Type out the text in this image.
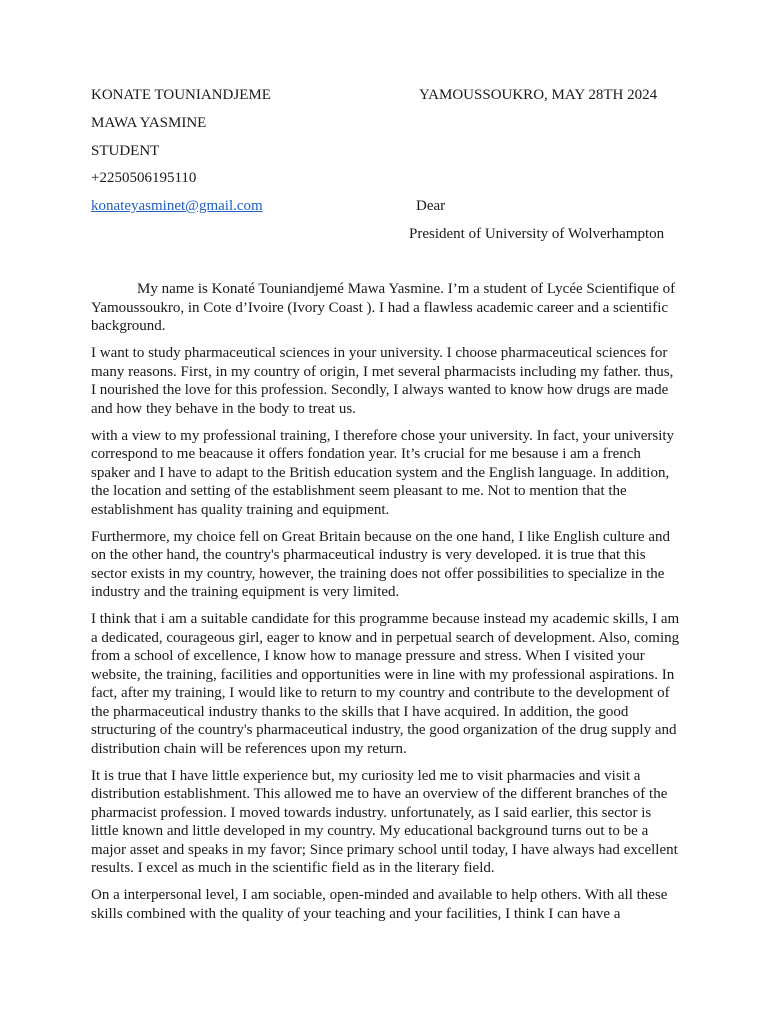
KONATE TOUNIANDJEME	YAMOUSSOUKRO, MAY 28TH 2024
MAWA YASMINE
STUDENT
+2250506195110
konateyasminet@gmail.com	Dear
President of University of Wolverhampton

My name is Konaté Touniandjemé Mawa Yasmine. I’m a student of Lycée Scientifique of Yamoussoukro, in Cote d’Ivoire (Ivory Coast ). I had a flawless academic career and a scientific background.

I want to study pharmaceutical sciences in your university. I choose pharmaceutical sciences for many reasons. First, in my country of origin, I met several pharmacists including my father. thus, I nourished the love for this profession. Secondly, I always wanted to know how drugs are made and how they behave in the body to treat us.

with a view to my professional training, I therefore chose your university. In fact, your university correspond to me beacause it offers fondation year. It’s crucial for me besause i am a french spaker and I have to adapt to the British education system and the English language. In addition, the location and setting of the establishment seem pleasant to me. Not to mention that the establishment has quality training and equipment.

Furthermore, my choice fell on Great Britain because on the one hand, I like English culture and on the other hand, the country's pharmaceutical industry is very developed. it is true that this sector exists in my country, however, the training does not offer possibilities to specialize in the industry and the training equipment is very limited.

I think that i am a suitable candidate for this programme because instead my academic skills, I am a dedicated, courageous girl, eager to know and in perpetual search of development. Also, coming from a school of excellence, I know how to manage pressure and stress. When I visited your website, the training, facilities and opportunities were in line with my professional aspirations. In fact, after my training, I would like to return to my country and contribute to the development of the pharmaceutical industry thanks to the skills that I have acquired. In addition, the good structuring of the country's pharmaceutical industry, the good organization of the drug supply and distribution chain will be references upon my return.

It is true that I have little experience but, my curiosity led me to visit pharmacies and visit a distribution establishment. This allowed me to have an overview of the different branches of the pharmacist profession. I moved towards industry. unfortunately, as I said earlier, this sector is little known and little developed in my country. My educational background turns out to be a major asset and speaks in my favor; Since primary school until today, I have always had excellent results. I excel as much in the scientific field as in the literary field.

On a interpersonal level, I am sociable, open-minded and available to help others. With all these skills combined with the quality of your teaching and your facilities, I think I can have a
